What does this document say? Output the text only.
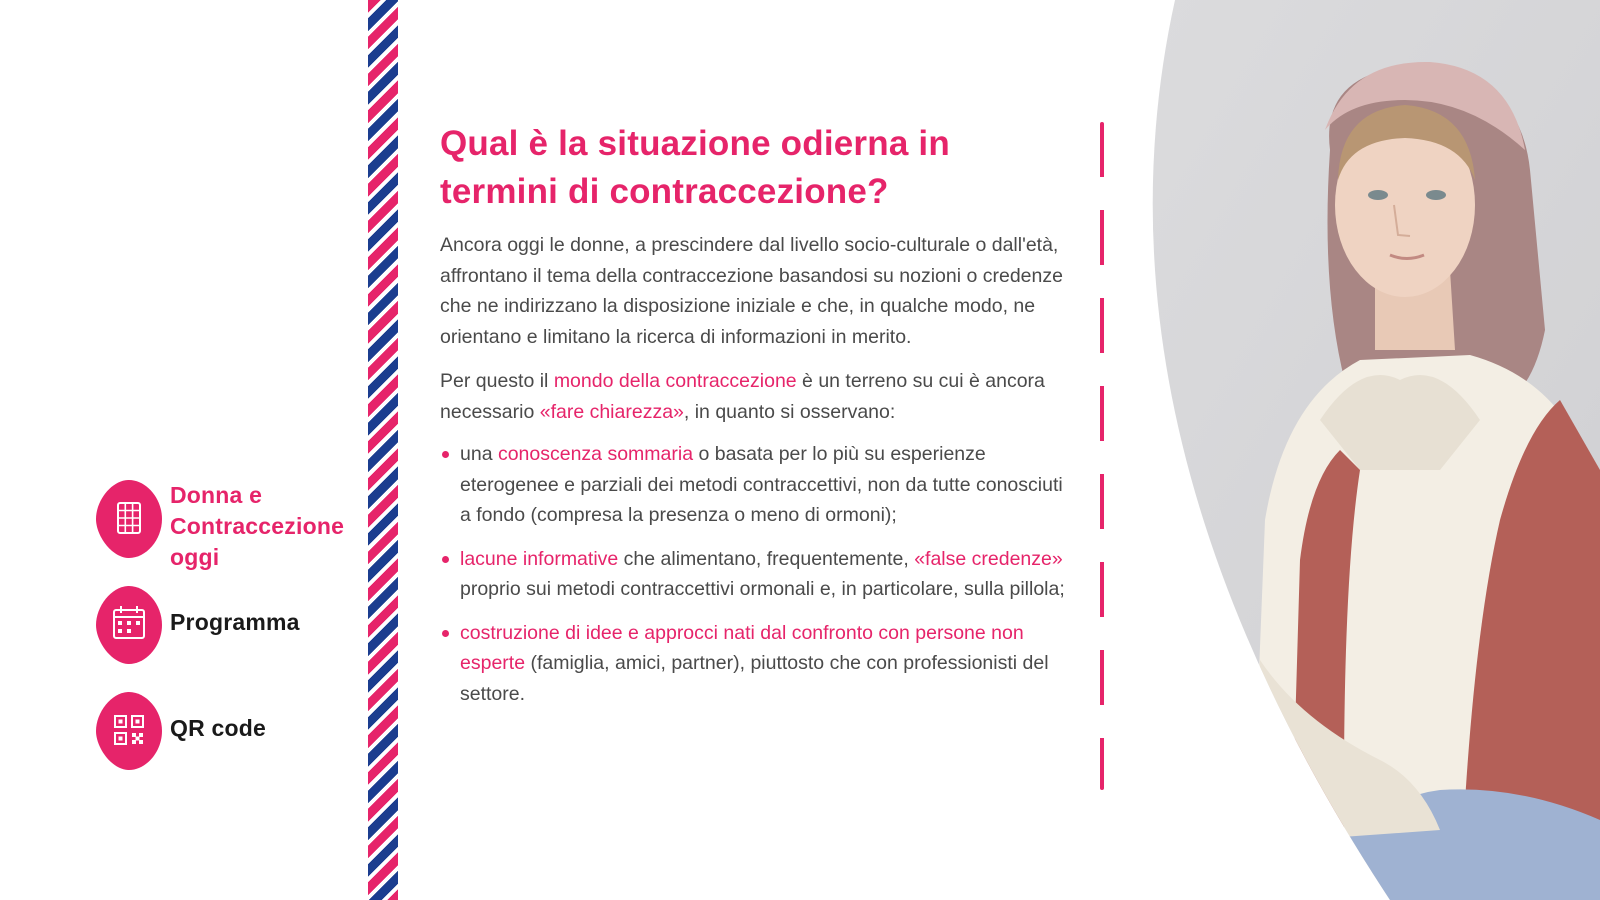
Donna e
Contraccezione
oggi
Programma
QR code
Qual è la situazione odierna in
termini di contraccezione?

Ancora oggi le donne, a prescindere dal livello socio-culturale o dall'età, affrontano il tema della contraccezione basandosi su nozioni o credenze che ne indirizzano la disposizione iniziale e che, in qualche modo, ne orientano e limitano la ricerca di informazioni in merito.

Per questo il mondo della contraccezione è un terreno su cui è ancora necessario «fare chiarezza», in quanto si osservano:

una conoscenza sommaria o basata per lo più su esperienze eterogenee e parziali dei metodi contraccettivi, non da tutte conosciuti a fondo (compresa la presenza o meno di ormoni);
lacune informative che alimentano, frequentemente, «false credenze» proprio sui metodi contraccettivi ormonali e, in particolare, sulla pillola;
costruzione di idee e approcci nati dal confronto con persone non esperte (famiglia, amici, partner), piuttosto che con professionisti del settore.
